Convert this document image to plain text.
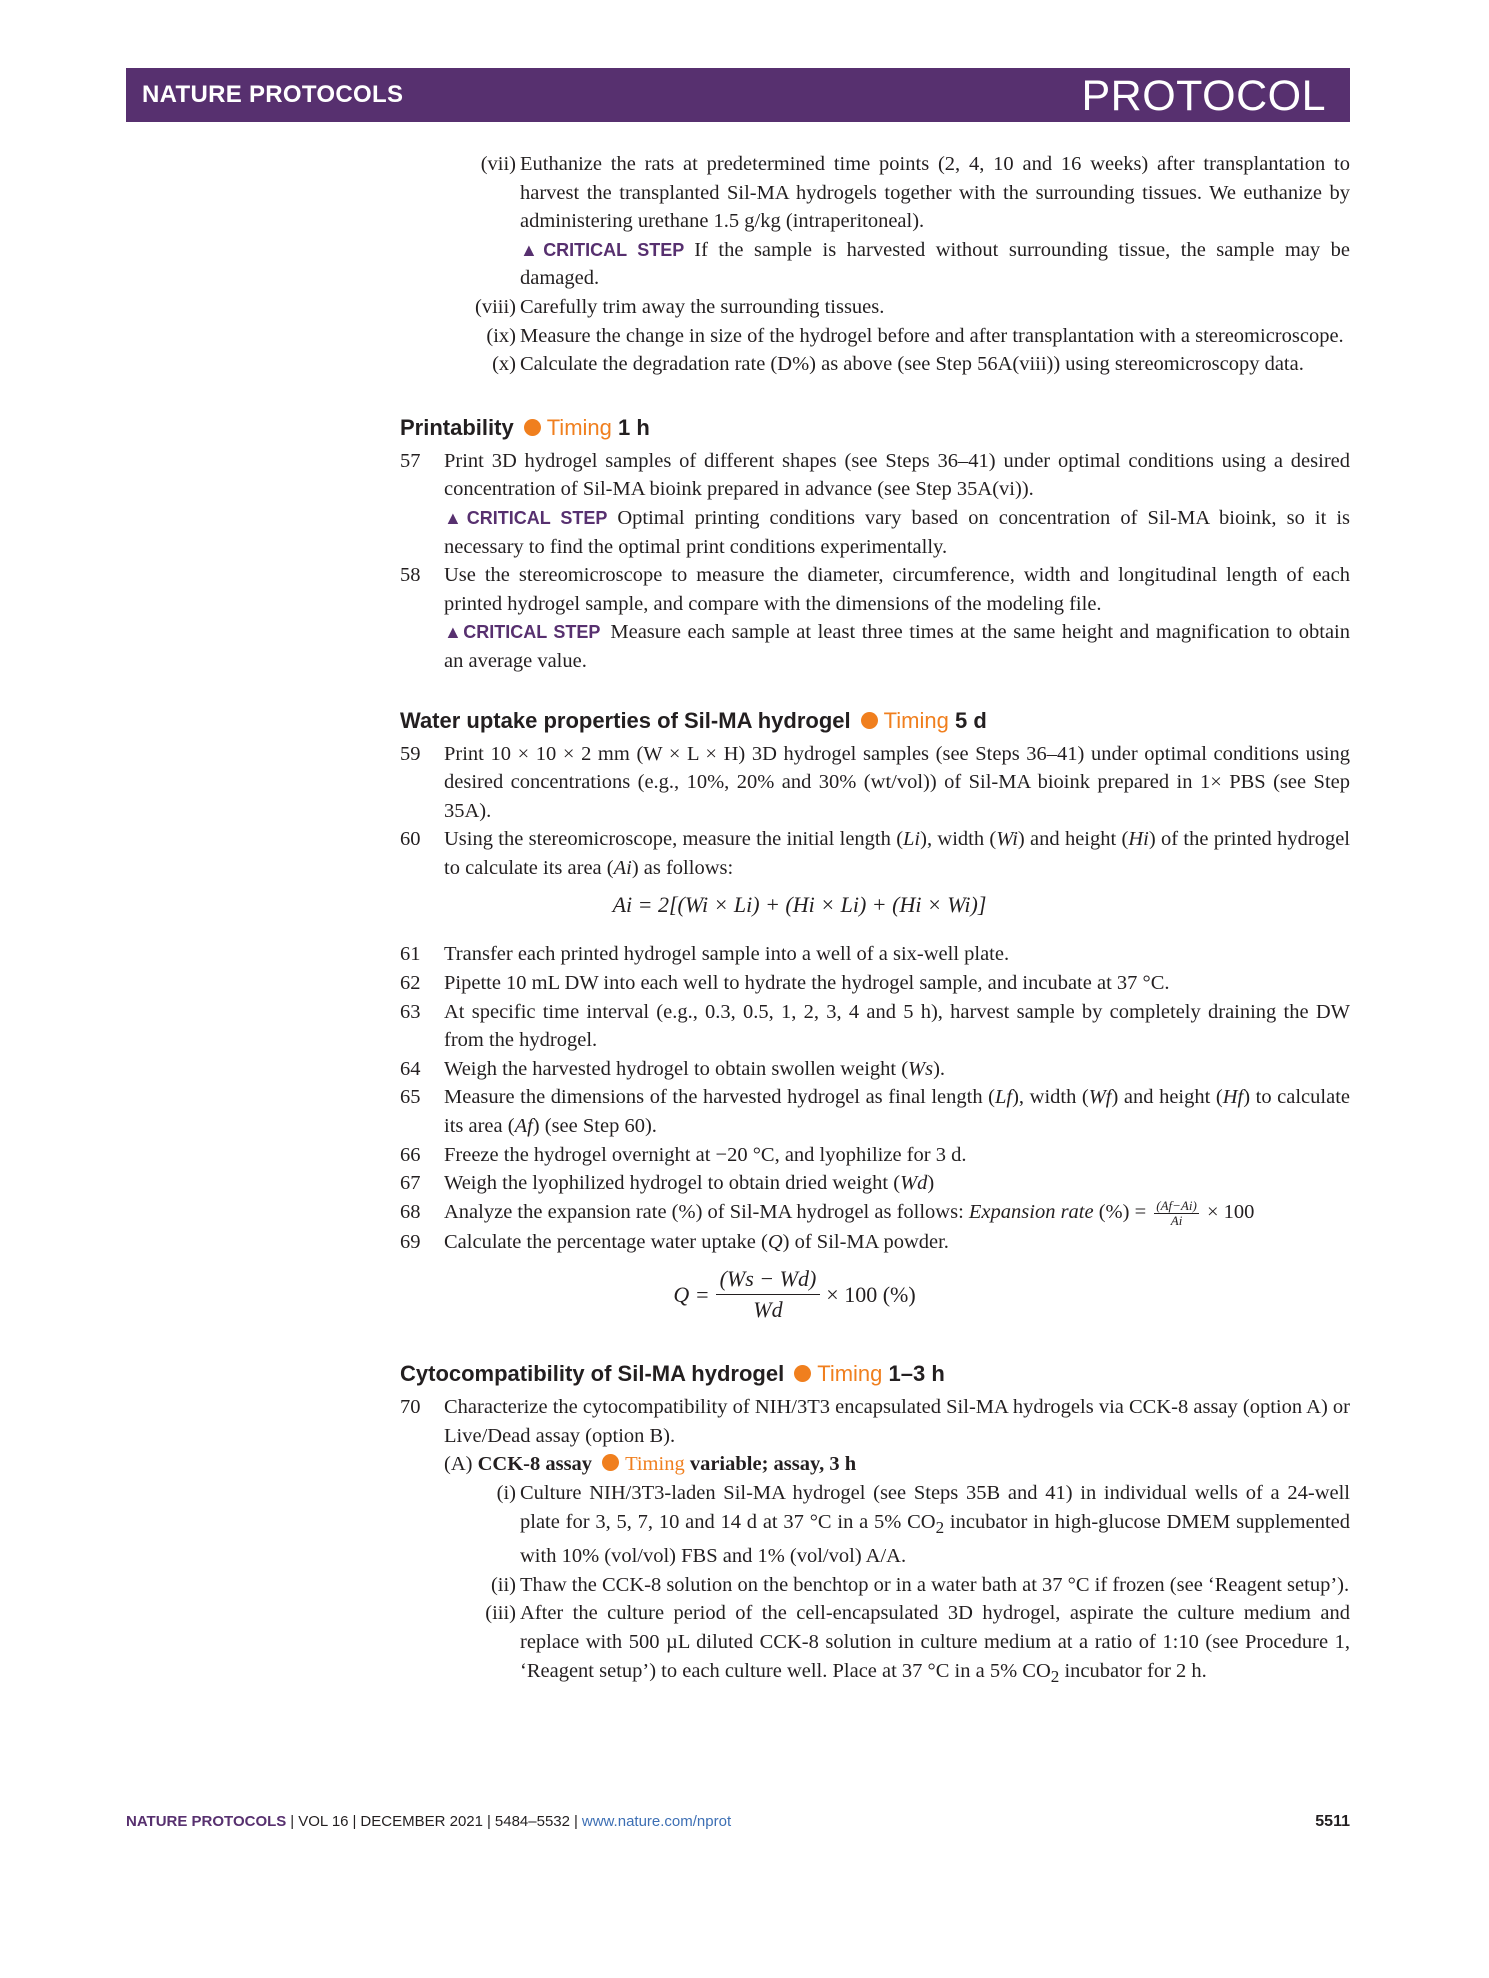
NATURE PROTOCOLS	PROTOCOL
(vii) Euthanize the rats at predetermined time points (2, 4, 10 and 16 weeks) after transplantation to harvest the transplanted Sil-MA hydrogels together with the surrounding tissues. We euthanize by administering urethane 1.5 g/kg (intraperitoneal).
▲CRITICAL STEP If the sample is harvested without surrounding tissue, the sample may be damaged.
(viii) Carefully trim away the surrounding tissues.
(ix) Measure the change in size of the hydrogel before and after transplantation with a stereomicroscope.
(x) Calculate the degradation rate (D%) as above (see Step 56A(viii)) using stereomicroscopy data.
Printability Timing 1 h
57 Print 3D hydrogel samples of different shapes (see Steps 36–41) under optimal conditions using a desired concentration of Sil-MA bioink prepared in advance (see Step 35A(vi)).
▲CRITICAL STEP Optimal printing conditions vary based on concentration of Sil-MA bioink, so it is necessary to find the optimal print conditions experimentally.
58 Use the stereomicroscope to measure the diameter, circumference, width and longitudinal length of each printed hydrogel sample, and compare with the dimensions of the modeling file.
▲CRITICAL STEP Measure each sample at least three times at the same height and magnification to obtain an average value.
Water uptake properties of Sil-MA hydrogel Timing 5 d
59 Print 10 × 10 × 2 mm (W × L × H) 3D hydrogel samples (see Steps 36–41) under optimal conditions using desired concentrations (e.g., 10%, 20% and 30% (wt/vol)) of Sil-MA bioink prepared in 1× PBS (see Step 35A).
60 Using the stereomicroscope, measure the initial length (Li), width (Wi) and height (Hi) of the printed hydrogel to calculate its area (Ai) as follows:
Ai = 2[(Wi × Li) + (Hi × Li) + (Hi × Wi)]
61 Transfer each printed hydrogel sample into a well of a six-well plate.
62 Pipette 10 mL DW into each well to hydrate the hydrogel sample, and incubate at 37 °C.
63 At specific time interval (e.g., 0.3, 0.5, 1, 2, 3, 4 and 5 h), harvest sample by completely draining the DW from the hydrogel.
64 Weigh the harvested hydrogel to obtain swollen weight (Ws).
65 Measure the dimensions of the harvested hydrogel as final length (Lf), width (Wf) and height (Hf) to calculate its area (Af) (see Step 60).
66 Freeze the hydrogel overnight at −20 °C, and lyophilize for 3 d.
67 Weigh the lyophilized hydrogel to obtain dried weight (Wd)
68 Analyze the expansion rate (%) of Sil-MA hydrogel as follows: Expansion rate (%) = $\frac{(Af-Ai)}{Ai} \times 100$
69 Calculate the percentage water uptake (Q) of Sil-MA powder.
$Q = \frac{(Ws - Wd)}{Wd} \times 100$ (%)
Cytocompatibility of Sil-MA hydrogel Timing 1–3 h
70 Characterize the cytocompatibility of NIH/3T3 encapsulated Sil-MA hydrogels via CCK-8 assay (option A) or Live/Dead assay (option B).
(A) CCK-8 assay Timing variable; assay, 3 h
(i) Culture NIH/3T3-laden Sil-MA hydrogel (see Steps 35B and 41) in individual wells of a 24-well plate for 3, 5, 7, 10 and 14 d at 37 °C in a 5% $CO_2$ incubator in high-glucose DMEM supplemented with 10% (vol/vol) FBS and 1% (vol/vol) A/A.
(ii) Thaw the CCK-8 solution on the benchtop or in a water bath at 37 °C if frozen (see ‘Reagent setup’).
(iii) After the culture period of the cell-encapsulated 3D hydrogel, aspirate the culture medium and replace with 500 µL diluted CCK-8 solution in culture medium at a ratio of 1:10 (see Procedure 1, ‘Reagent setup’) to each culture well. Place at 37 °C in a 5% $CO_2$ incubator for 2 h.
NATURE PROTOCOLS | VOL 16 | DECEMBER 2021 | 5484–5532 | www.nature.com/nprot	5511
